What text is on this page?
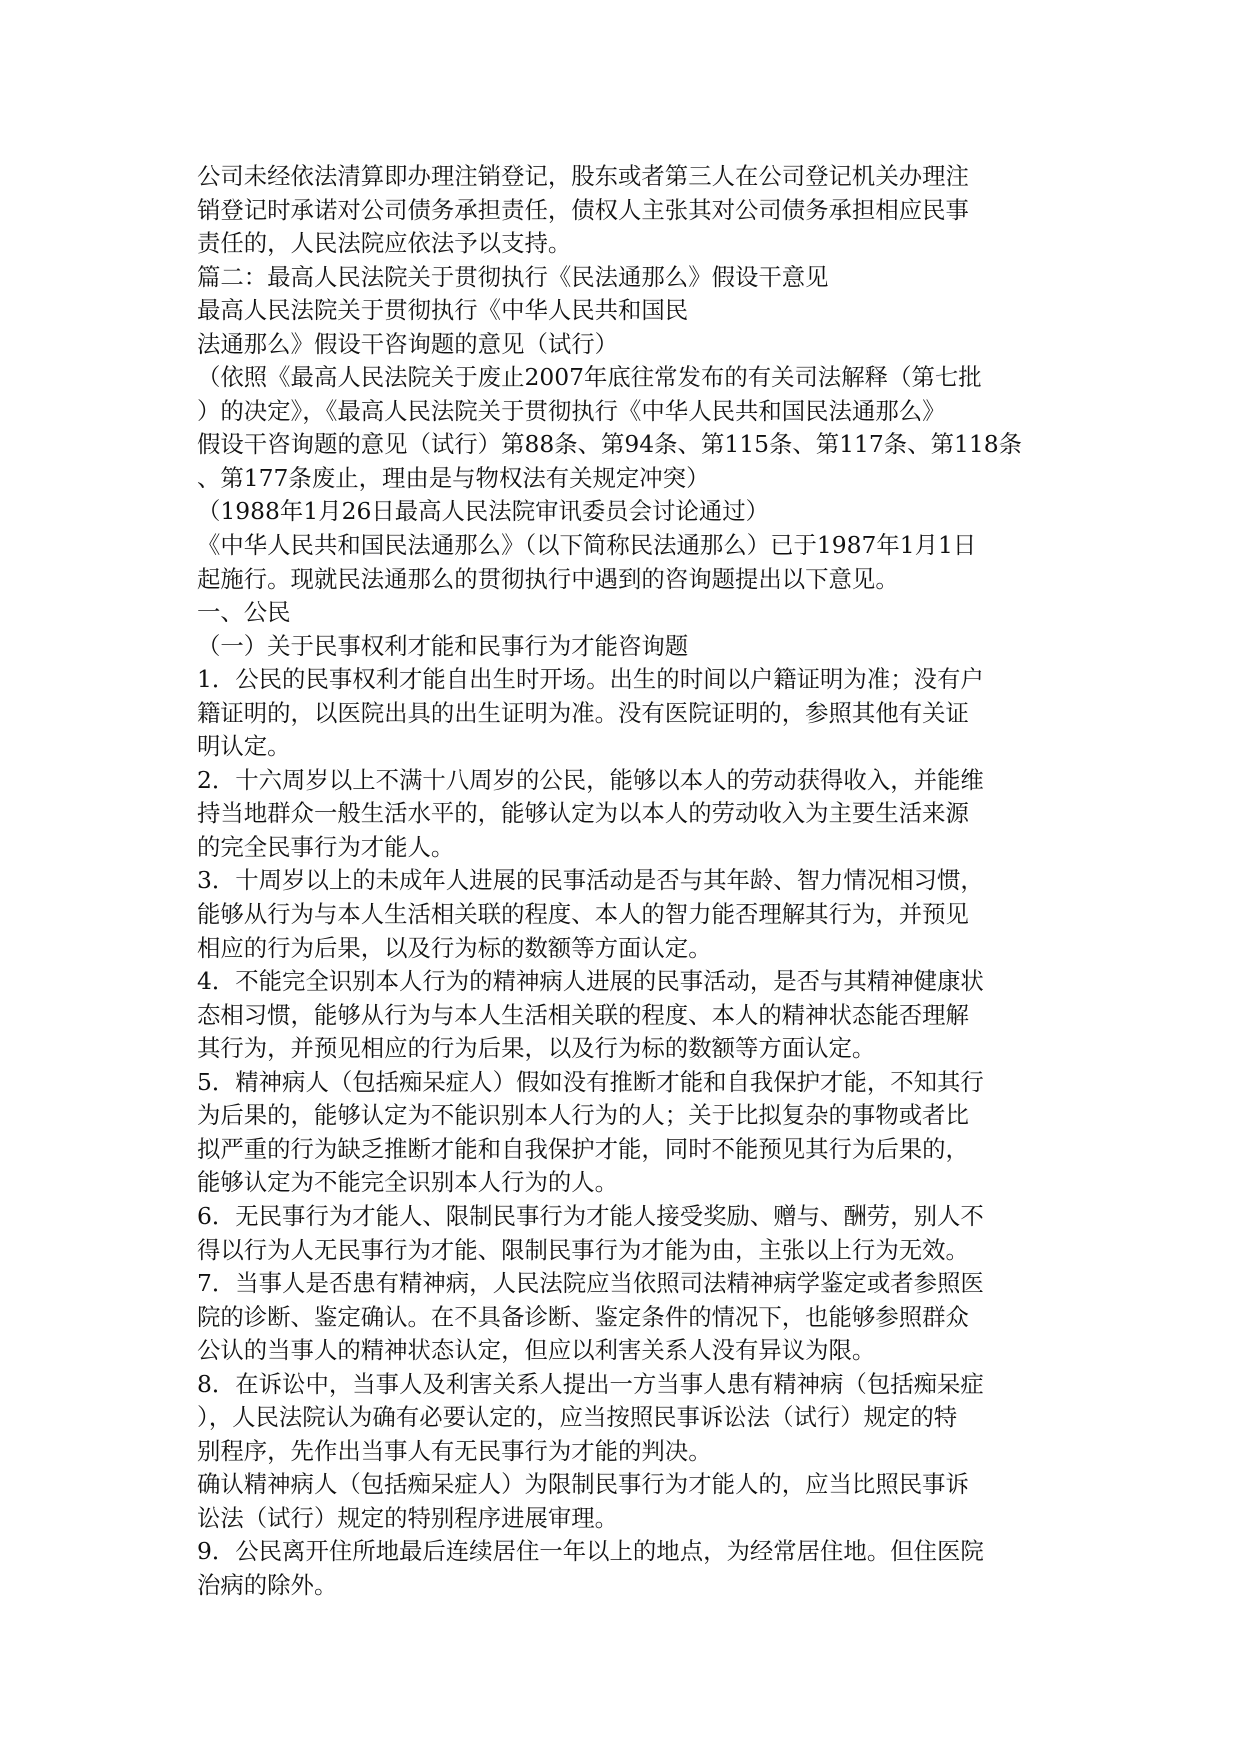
公司未经依法清算即办理注销登记，股东或者第三人在公司登记机关办理注
销登记时承诺对公司债务承担责任，债权人主张其对公司债务承担相应民事
责任的，人民法院应依法予以支持。
篇二：最高人民法院关于贯彻执行《民法通那么》假设干意见
最高人民法院关于贯彻执行《中华人民共和国民
法通那么》假设干咨询题的意见（试行）
（依照《最高人民法院关于废止2007年底往常发布的有关司法解释（第七批
）的决定》，《最高人民法院关于贯彻执行《中华人民共和国民法通那么》
假设干咨询题的意见（试行）第88条、第94条、第115条、第117条、第118条
、第177条废止，理由是与物权法有关规定冲突）
（1988年1月26日最高人民法院审讯委员会讨论通过）
《中华人民共和国民法通那么》（以下简称民法通那么）已于1987年1月1日
起施行。现就民法通那么的贯彻执行中遇到的咨询题提出以下意见。
一、公民
（一）关于民事权利才能和民事行为才能咨询题
1．公民的民事权利才能自出生时开场。出生的时间以户籍证明为准；没有户
籍证明的，以医院出具的出生证明为准。没有医院证明的，参照其他有关证
明认定。
2．十六周岁以上不满十八周岁的公民，能够以本人的劳动获得收入，并能维
持当地群众一般生活水平的，能够认定为以本人的劳动收入为主要生活来源
的完全民事行为才能人。
3．十周岁以上的未成年人进展的民事活动是否与其年龄、智力情况相习惯，
能够从行为与本人生活相关联的程度、本人的智力能否理解其行为，并预见
相应的行为后果，以及行为标的数额等方面认定。
4．不能完全识别本人行为的精神病人进展的民事活动，是否与其精神健康状
态相习惯，能够从行为与本人生活相关联的程度、本人的精神状态能否理解
其行为，并预见相应的行为后果，以及行为标的数额等方面认定。
5．精神病人（包括痴呆症人）假如没有推断才能和自我保护才能，不知其行
为后果的，能够认定为不能识别本人行为的人；关于比拟复杂的事物或者比
拟严重的行为缺乏推断才能和自我保护才能，同时不能预见其行为后果的，
能够认定为不能完全识别本人行为的人。
6．无民事行为才能人、限制民事行为才能人接受奖励、赠与、酬劳，别人不
得以行为人无民事行为才能、限制民事行为才能为由，主张以上行为无效。
7．当事人是否患有精神病，人民法院应当依照司法精神病学鉴定或者参照医
院的诊断、鉴定确认。在不具备诊断、鉴定条件的情况下，也能够参照群众
公认的当事人的精神状态认定，但应以利害关系人没有异议为限。
8．在诉讼中，当事人及利害关系人提出一方当事人患有精神病（包括痴呆症
），人民法院认为确有必要认定的，应当按照民事诉讼法（试行）规定的特
别程序，先作出当事人有无民事行为才能的判决。
确认精神病人（包括痴呆症人）为限制民事行为才能人的，应当比照民事诉
讼法（试行）规定的特别程序进展审理。
9．公民离开住所地最后连续居住一年以上的地点，为经常居住地。但住医院
治病的除外。
